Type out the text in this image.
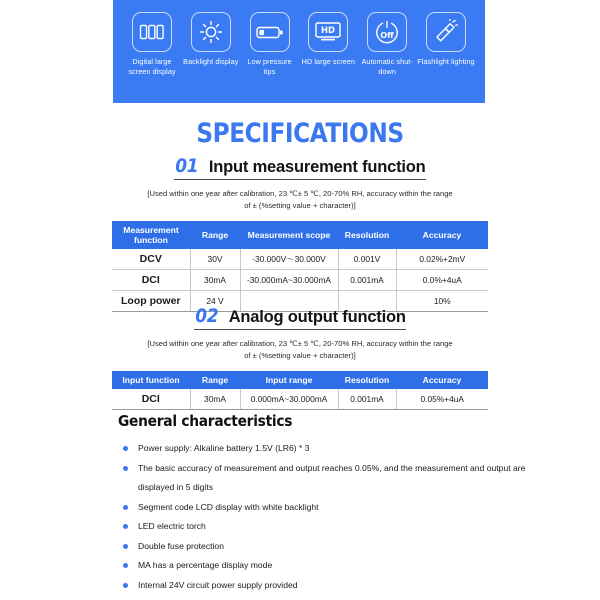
Digital large screen display
Backlight display	Low pressure tips
HD
HD large screen
Off
Automatic shut-down
Flashlight lighting
SPECIFICATIONS
01 Input measurement function
[Used within one year after calibration, 23 ℃± 5 ℃, 20-70% RH, accuracy within the range
of ± (%setting value + character)]
Measurement function	Range	Measurement scope	Resolution	Accuracy
DCV	30V	-30.000V～30.000V	0.001V	0.02%+2mV
DCI	30mA	-30.000mA~30.000mA	0.001mA	0.0%+4uA
Loop power	24 V			10%
02 Analog output function
[Used within one year after calibration, 23 ℃± 5 ℃, 20-70% RH, accuracy within the range
of ± (%setting value + character)]
Input function	Range	Input range	Resolution	Accuracy
DCI	30mA	0.000mA~30.000mA	0.001mA	0.05%+4uA
General characteristics
Power supply: Alkaline battery 1.5V (LR6) * 3
The basic accuracy of measurement and output reaches 0.05%, and the measurement and output are displayed in 5 digits
Segment code LCD display with white backlight
LED electric torch
Double fuse protection
MA has a percentage display mode
Internal 24V circuit power supply provided
